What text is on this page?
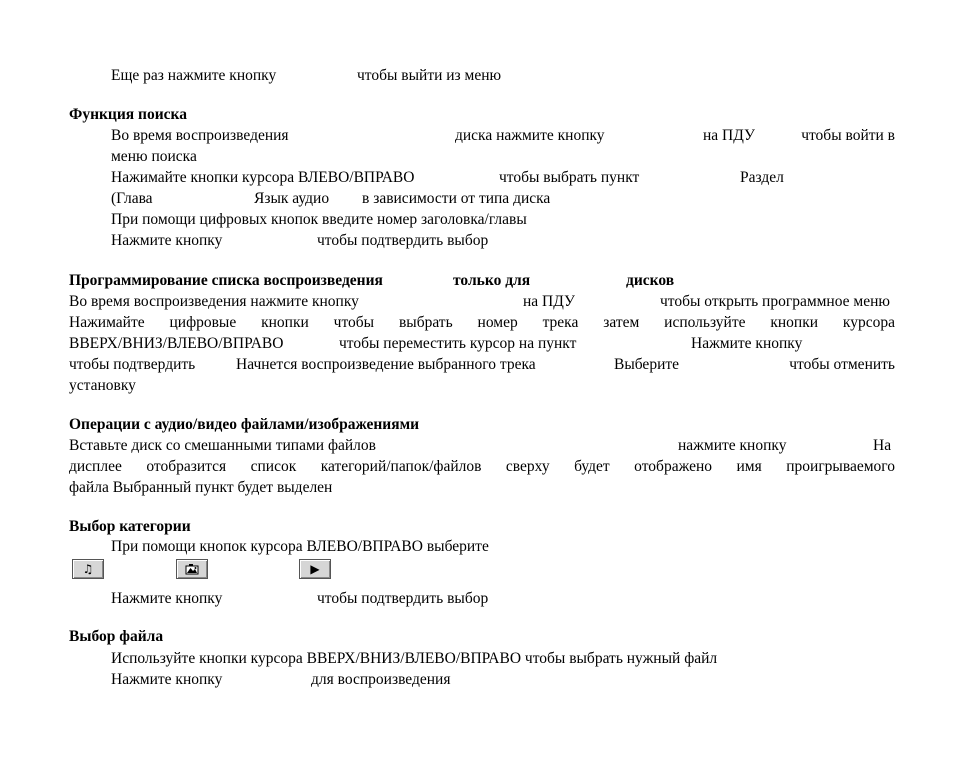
Еще раз нажмите кнопку	чтобы выйти из меню
Функция поиска
Во время воспроизведения	диска нажмите кнопку	на ПДУ	чтобы войти в
меню поиска
Нажимайте кнопки курсора ВЛЕВО/ВПРАВО	чтобы выбрать пункт	Раздел
(Глава	Язык аудио в зависимости от типа диска
При помощи цифровых кнопок введите номер заголовка/главы
Нажмите кнопку	чтобы подтвердить выбор
Программирование списка воспроизведения	только для	дисков
Во время воспроизведения нажмите кнопку	на ПДУ	чтобы открыть программное меню
Нажимайте цифровые кнопки чтобы выбрать номер трека затем используйте кнопки курсора
ВВЕРХ/ВНИЗ/ВЛЕВО/ВПРАВО	чтобы переместить курсор на пункт	Нажмите кнопку
чтобы подтвердить	Начнется воспроизведение выбранного трека	Выберите	чтобы отменить
установку
Операции с аудио/видео файлами/изображениями
Вставьте диск со смешанными типами файлов	нажмите кнопку	На
дисплее отобразится список категорий/папок/файлов сверху будет отображено имя проигрываемого
файла Выбранный пункт будет выделен
Выбор категории
При помощи кнопок курсора ВЛЕВО/ВПРАВО выберите
♫	▶
Нажмите кнопку	чтобы подтвердить выбор
Выбор файла
Используйте кнопки курсора ВВЕРХ/ВНИЗ/ВЛЕВО/ВПРАВО чтобы выбрать нужный файл
Нажмите кнопку	для воспроизведения
